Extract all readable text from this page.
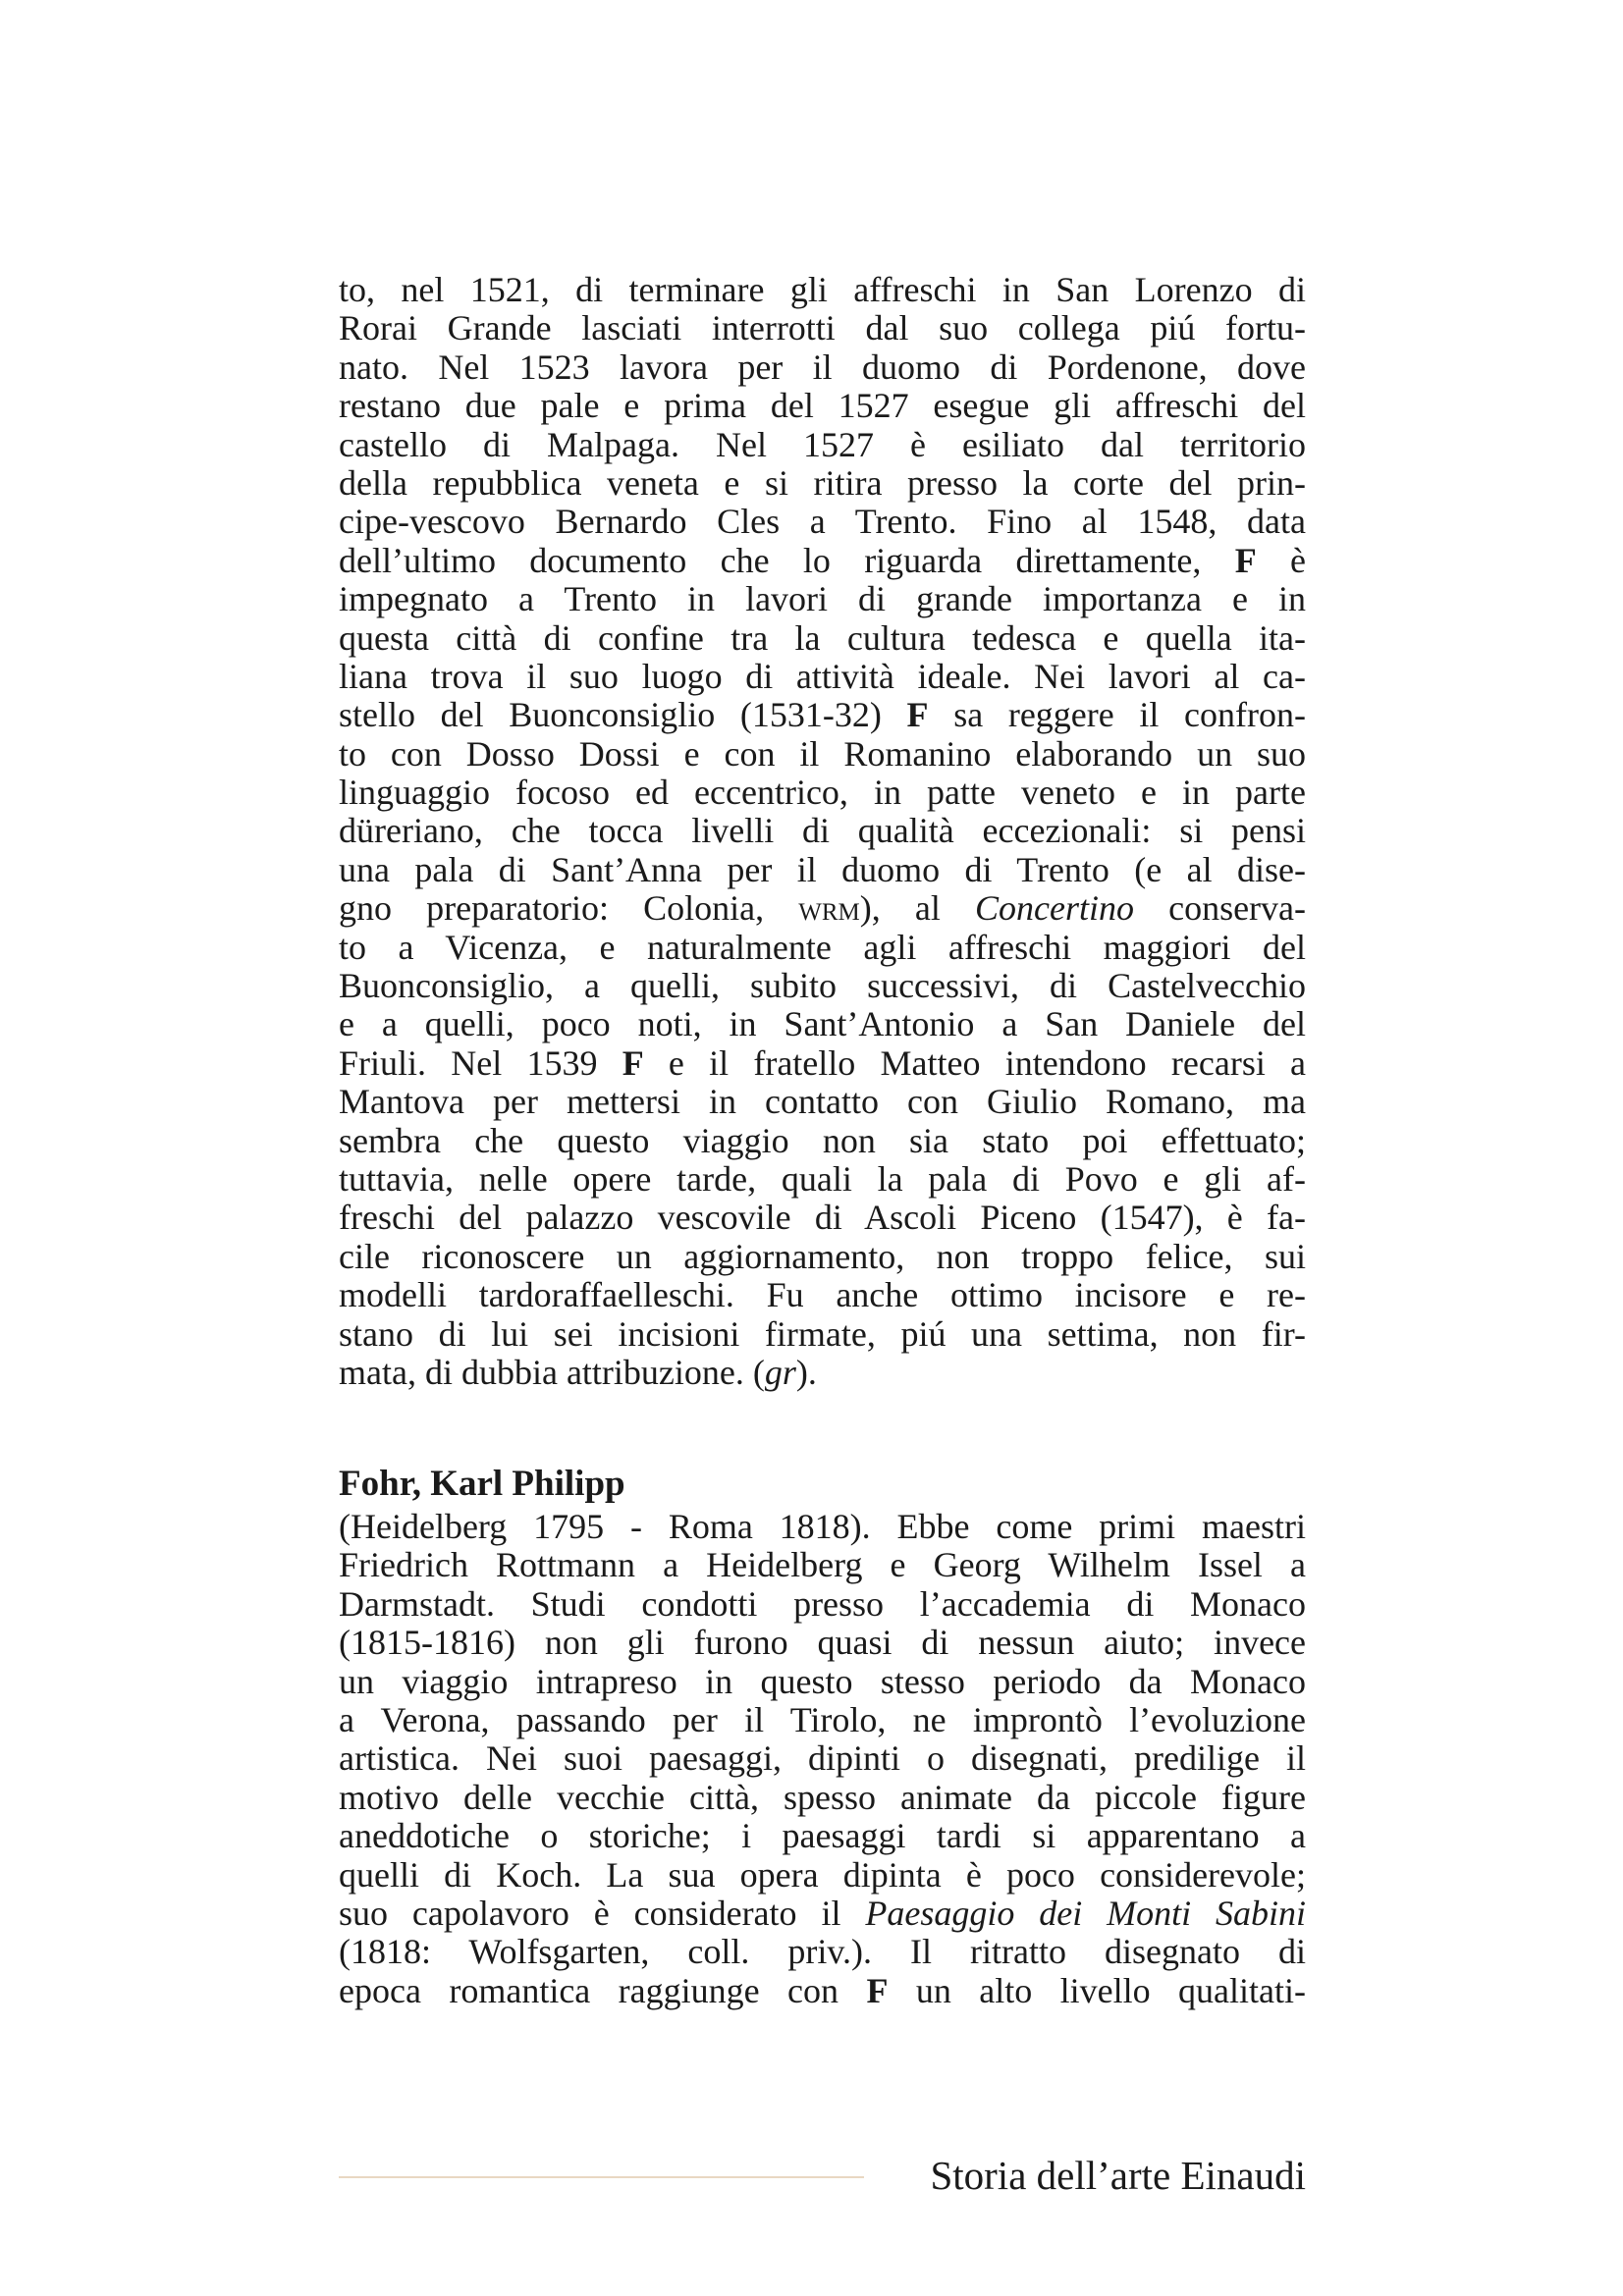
to, nel 1521, di terminare gli affreschi in San Lorenzo di
Rorai Grande lasciati interrotti dal suo collega piú fortu-
nato. Nel 1523 lavora per il duomo di Pordenone, dove
restano due pale e prima del 1527 esegue gli affreschi del
castello di Malpaga. Nel 1527 è esiliato dal territorio
della repubblica veneta e si ritira presso la corte del prin-
cipe-vescovo Bernardo Cles a Trento. Fino al 1548, data
dell’ultimo documento che lo riguarda direttamente, F è
impegnato a Trento in lavori di grande importanza e in
questa città di confine tra la cultura tedesca e quella ita-
liana trova il suo luogo di attività ideale. Nei lavori al ca-
stello del Buonconsiglio (1531-32) F sa reggere il confron-
to con Dosso Dossi e con il Romanino elaborando un suo
linguaggio focoso ed eccentrico, in patte veneto e in parte
düreriano, che tocca livelli di qualità eccezionali: si pensi
una pala di Sant’Anna per il duomo di Trento (e al dise-
gno preparatorio: Colonia, wrm), al Concertino conserva-
to a Vicenza, e naturalmente agli affreschi maggiori del
Buonconsiglio, a quelli, subito successivi, di Castelvecchio
e a quelli, poco noti, in Sant’Antonio a San Daniele del
Friuli. Nel 1539 F e il fratello Matteo intendono recarsi a
Mantova per mettersi in contatto con Giulio Romano, ma
sembra che questo viaggio non sia stato poi effettuato;
tuttavia, nelle opere tarde, quali la pala di Povo e gli af-
freschi del palazzo vescovile di Ascoli Piceno (1547), è fa-
cile riconoscere un aggiornamento, non troppo felice, sui
modelli tardoraffaelleschi. Fu anche ottimo incisore e re-
stano di lui sei incisioni firmate, piú una settima, non fir-
mata, di dubbia attribuzione. (gr).
Fohr, Karl Philipp
(Heidelberg 1795 - Roma 1818). Ebbe come primi maestri
Friedrich Rottmann a Heidelberg e Georg Wilhelm Issel a
Darmstadt. Studi condotti presso l’accademia di Monaco
(1815-1816) non gli furono quasi di nessun aiuto; invece
un viaggio intrapreso in questo stesso periodo da Monaco
a Verona, passando per il Tirolo, ne improntò l’evoluzione
artistica. Nei suoi paesaggi, dipinti o disegnati, predilige il
motivo delle vecchie città, spesso animate da piccole figure
aneddotiche o storiche; i paesaggi tardi si apparentano a
quelli di Koch. La sua opera dipinta è poco considerevole;
suo capolavoro è considerato il Paesaggio dei Monti Sabini
(1818: Wolfsgarten, coll. priv.). Il ritratto disegnato di
epoca romantica raggiunge con F un alto livello qualitati-
Storia dell’arte Einaudi
